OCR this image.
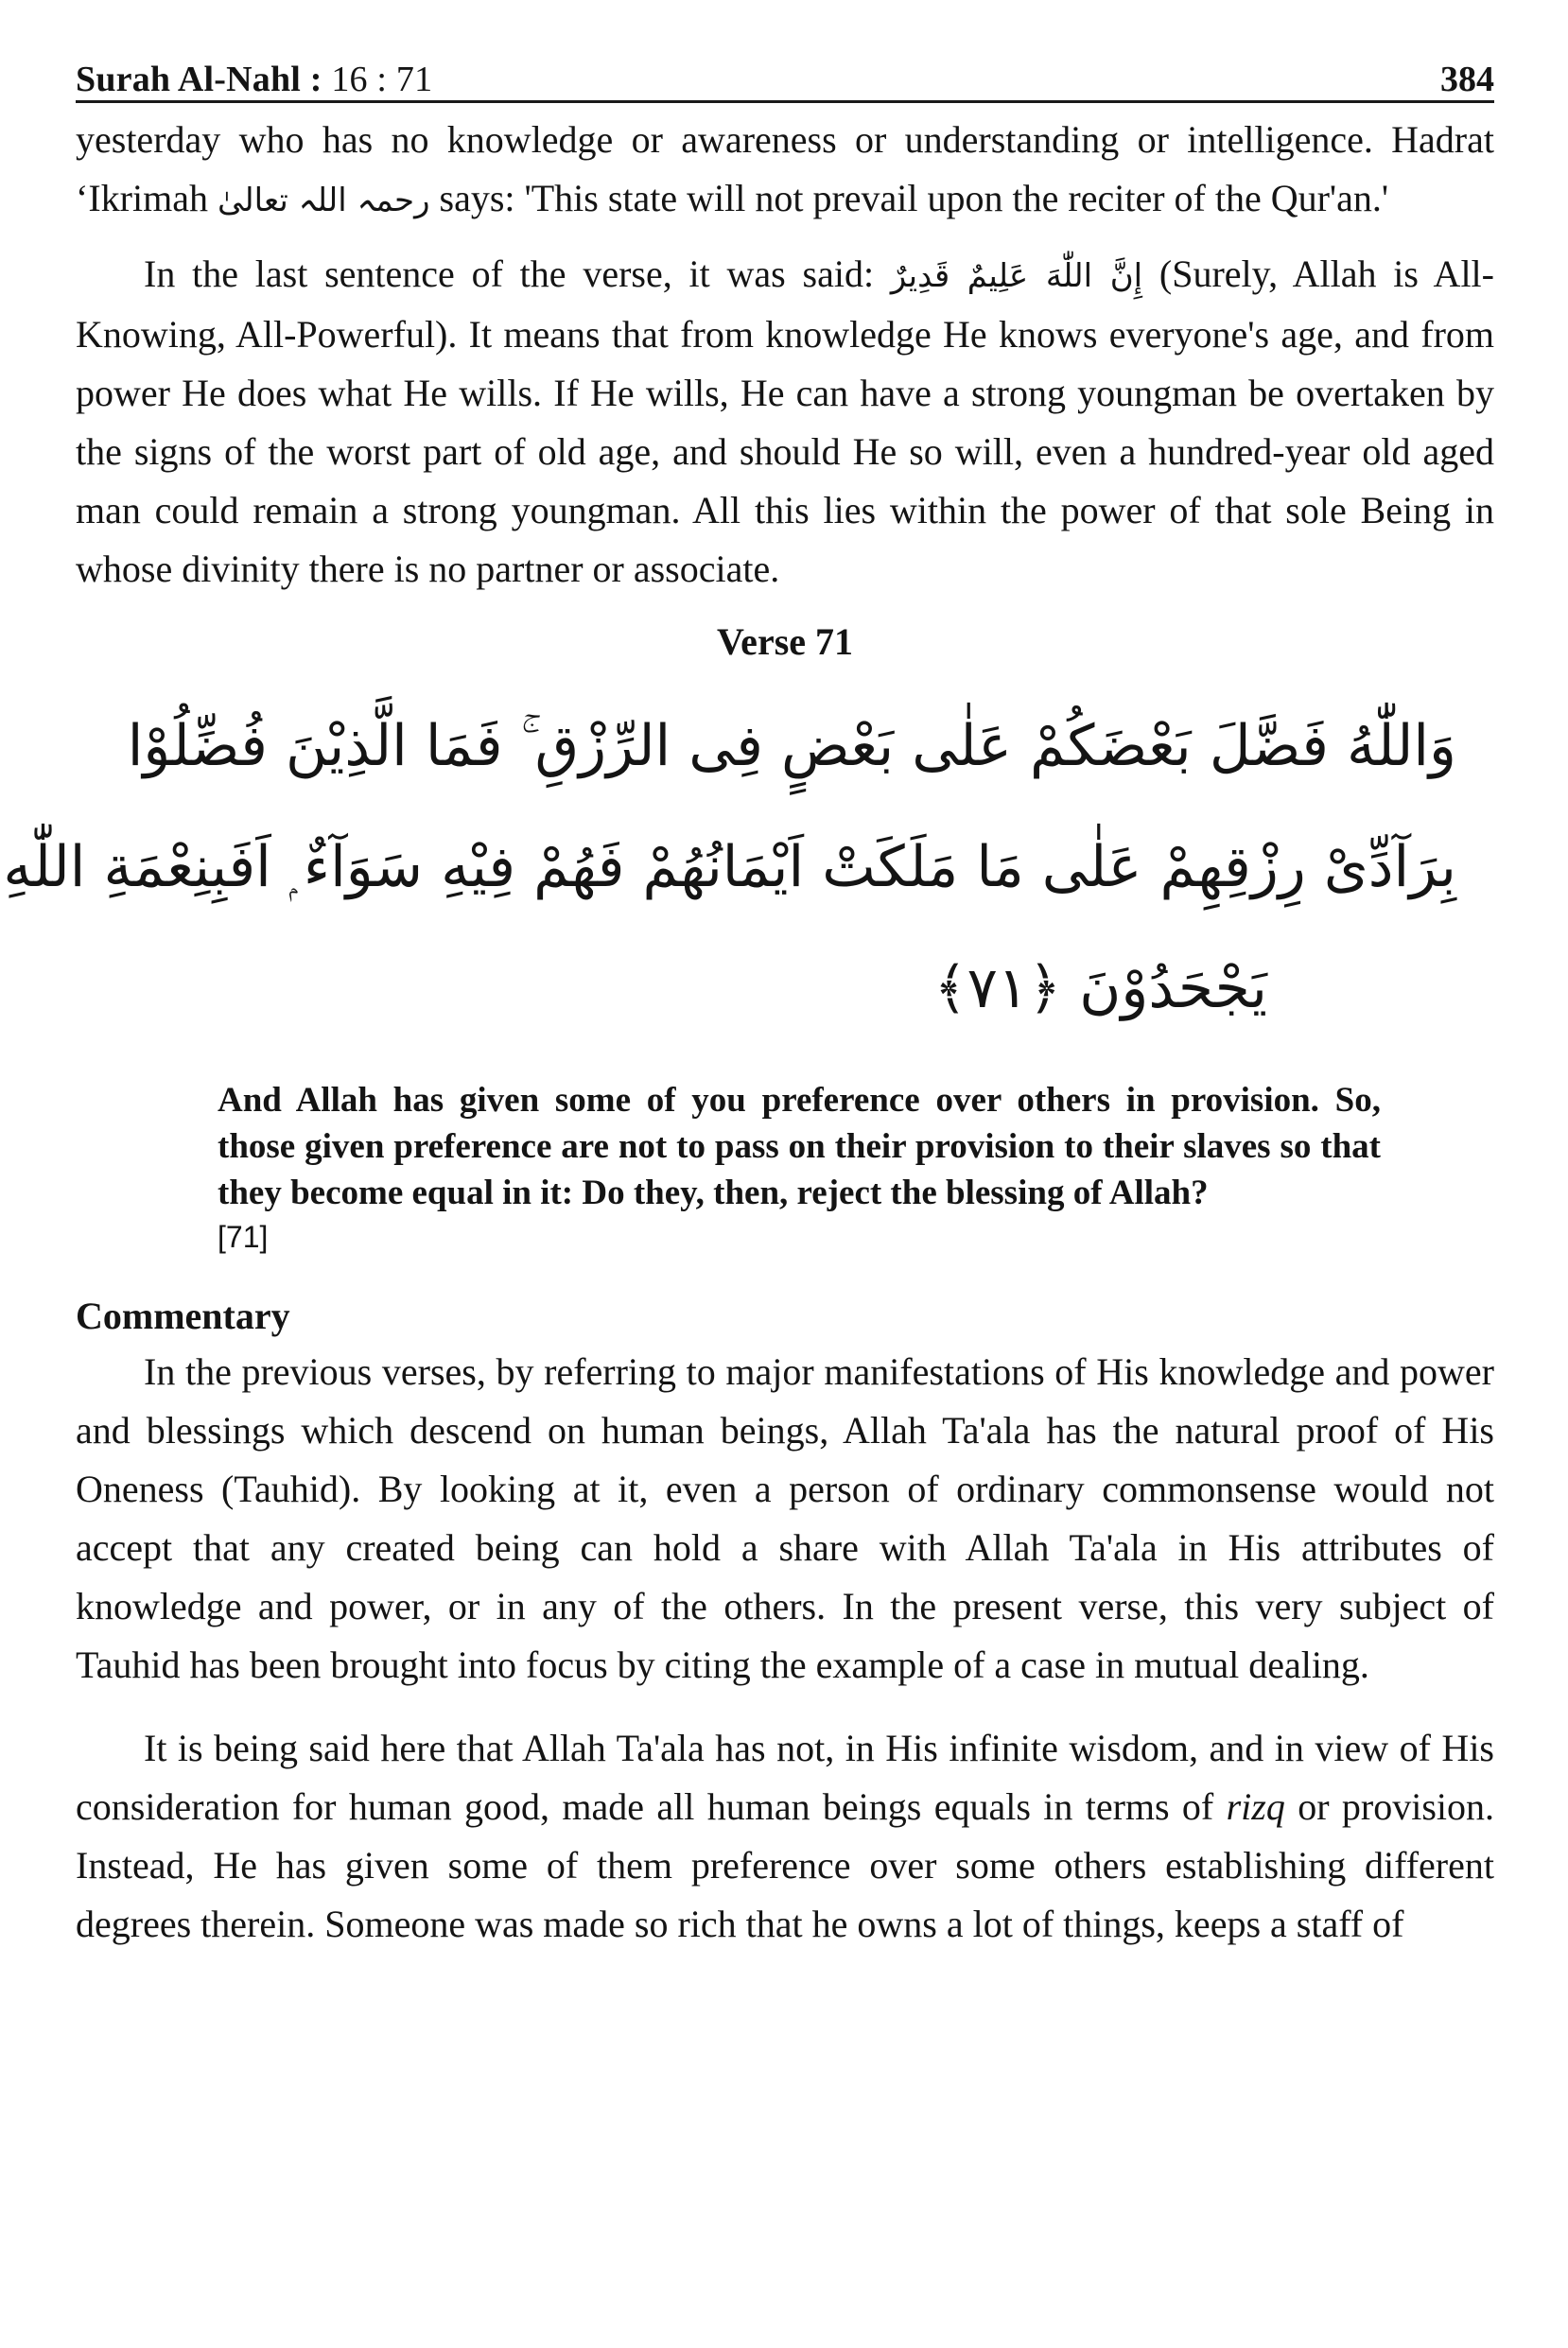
Surah Al-Nahl : 16 : 71	384

yesterday who has no knowledge or awareness or understanding or intelligence. Hadrat ‘Ikrimah رحمہ اللہ تعالیٰ says: 'This state will not prevail upon the reciter of the Qur'an.'

In the last sentence of the verse, it was said: إِنَّ اللّٰهَ عَلِيمٌ قَدِيرٌ (Surely, Allah is All-Knowing, All-Powerful). It means that from knowledge He knows everyone's age, and from power He does what He wills. If He wills, He can have a strong youngman be overtaken by the signs of the worst part of old age, and should He so will, even a hundred-year old aged man could remain a strong youngman. All this lies within the power of that sole Being in whose divinity there is no partner or associate.

Verse 71
وَاللّٰهُ فَضَّلَ بَعْضَكُمْ عَلٰى بَعْضٍ فِى الرِّزْقِ ۚ فَمَا الَّذِيْنَ فُضِّلُوْا
بِرَآدِّىْ رِزْقِهِمْ عَلٰى مَا مَلَكَتْ اَيْمَانُهُمْ فَهُمْ فِيْهِ سَوَآءٌ ۭ اَفَبِنِعْمَةِ اللّٰهِ
يَجْحَدُوْنَ ﴿٧١﴾

And Allah has given some of you preference over others in provision. So, those given preference are not to pass on their provision to their slaves so that they become equal in it: Do they, then, reject the blessing of Allah?

[71]
Commentary

In the previous verses, by referring to major manifestations of His knowledge and power and blessings which descend on human beings, Allah Ta'ala has the natural proof of His Oneness (Tauhid). By looking at it, even a person of ordinary commonsense would not accept that any created being can hold a share with Allah Ta'ala in His attributes of knowledge and power, or in any of the others. In the present verse, this very subject of Tauhid has been brought into focus by citing the example of a case in mutual dealing.

It is being said here that Allah Ta'ala has not, in His infinite wisdom, and in view of His consideration for human good, made all human beings equals in terms of rizq or provision. Instead, He has given some of them preference over some others establishing different degrees therein. Someone was made so rich that he owns a lot of things, keeps a staff of
